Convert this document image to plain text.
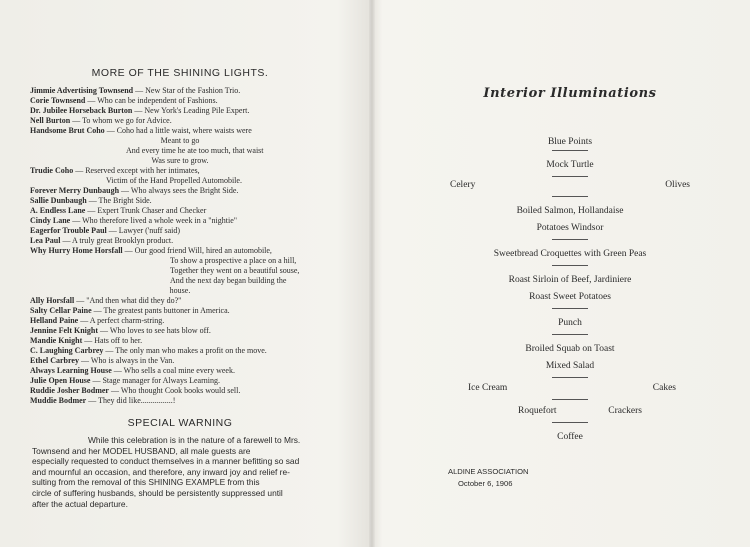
MORE OF THE SHINING LIGHTS.
Jimmie Advertising Townsend — New Star of the Fashion Trio.
Corie Townsend — Who can be independent of Fashions.
Dr. Jubilee Horseback Burton — New York's Leading Pile Expert.
Nell Burton — To whom we go for Advice.
Handsome Brut Coho — Coho had a little waist, where waists were
Meant to go
And every time he ate too much, that waist
Was sure to grow.
Trudie Coho — Reserved except with her intimates,
Victim of the Hand Propelled Automobile.
Forever Merry Dunbaugh — Who always sees the Bright Side.
Sallie Dunbaugh — The Bright Side.
A. Endless Lane — Expert Trunk Chaser and Checker
Cindy Lane — Who therefore lived a whole week in a "nightie"
Eagerfor Trouble Paul — Lawyer ('nuff said)
Lea Paul — A truly great Brooklyn product.
Why Hurry Home Horsfall — Our good friend Will, hired an automobile,
To show a prospective a place on a hill,
Together they went on a beautiful souse,
And the next day began building the
house.
Ally Horsfall — "And then what did they do?"
Salty Cellar Paine — The greatest pants buttoner in America.
Helland Paine — A perfect charm-string.
Jennine Felt Knight — Who loves to see hats blow off.
Mandie Knight — Hats off to her.
C. Laughing Carbrey — The only man who makes a profit on the move.
Ethel Carbrey — Who is always in the Van.
Always Learning House — Who sells a coal mine every week.
Julie Open House — Stage manager for Always Learning.
Ruddie Josher Bodmer — Who thought Cook books would sell.
Muddie Bodmer — They did like................!
SPECIAL WARNING
While this celebration is in the nature of a farewell to Mrs.
Townsend and her MODEL HUSBAND, all male guests are
especially requested to conduct themselves in a manner befitting so sad
and mournful an occasion, and therefore, any inward joy and relief re-
sulting from the removal of this SHINING EXAMPLE from this
circle of suffering husbands, should be persistently suppressed until
after the actual departure.
Interior Illuminations
Blue Points
Mock Turtle
Celery	Olives
Boiled Salmon, Hollandaise
Potatoes Windsor
Sweetbread Croquettes with Green Peas
Roast Sirloin of Beef, Jardiniere
Roast Sweet Potatoes
Punch
Broiled Squab on Toast
Mixed Salad
Ice Cream	Cakes
Roquefort	Crackers
Coffee
ALDINE ASSOCIATION
October 6, 1906
